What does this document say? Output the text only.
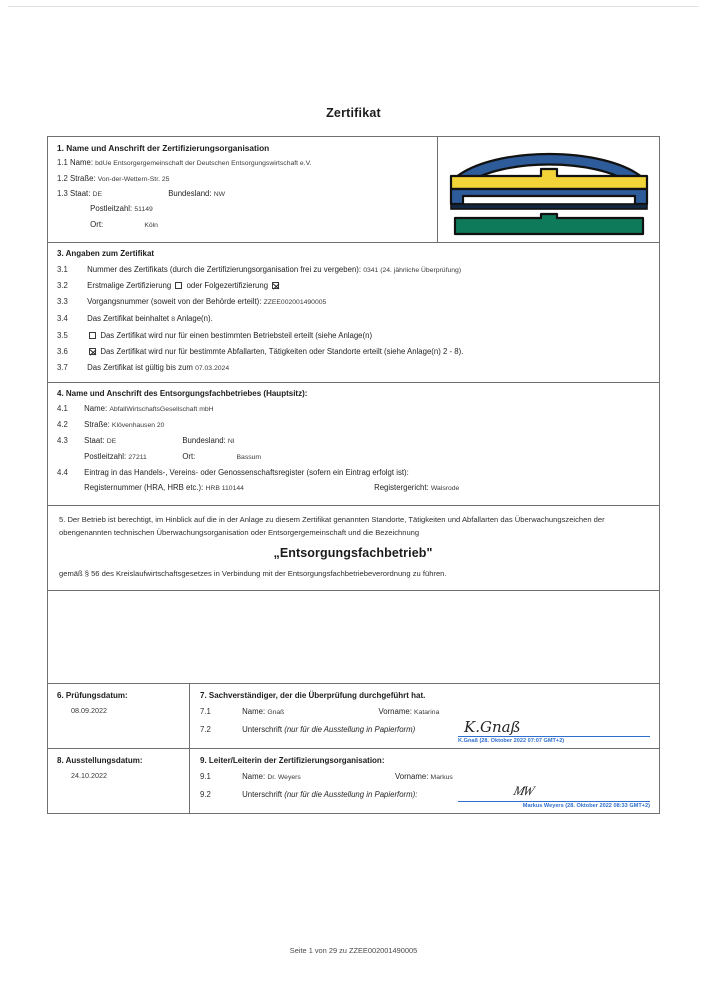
Zertifikat
1. Name und Anschrift der Zertifizierungsorganisation
1.1 Name: bdUe Entsorgergemeinschaft der Deutschen Entsorgungswirtschaft e.V.
1.2 Straße: Von-der-Wettern-Str. 25
1.3 Staat: DE	Bundesland: NW
Postleitzahl: 51149
Ort:	Köln
3. Angaben zum Zertifikat
3.1 Nummer des Zertifikats (durch die Zertifizierungsorganisation frei zu vergeben): 0341 (24. jährliche Überprüfung)
3.2 Erstmalige Zertifizierung oder Folgezertifizierung
3.3 Vorgangsnummer (soweit von der Behörde erteilt): ZZEE002001490005
3.4 Das Zertifikat beinhaltet 8 Anlage(n).
3.5	Das Zertifikat wird nur für einen bestimmten Betriebsteil erteilt (siehe Anlage(n)
3.6	Das Zertifikat wird nur für bestimmte Abfallarten, Tätigkeiten oder Standorte erteilt (siehe Anlage(n) 2 - 8).
3.7 Das Zertifikat ist gültig bis zum 07.03.2024
4. Name und Anschrift des Entsorgungsfachbetriebes (Hauptsitz):
4.1 Name: AbfallWirtschaftsGesellschaft mbH
4.2 Straße: Klövenhausen 20
4.3 Staat: DE	Bundesland: NI
Postleitzahl: 27211	Ort:	Bassum
4.4 Eintrag in das Handels-, Vereins- oder Genossenschaftsregister (sofern ein Eintrag erfolgt ist):
Registernummer (HRA, HRB etc.): HRB 110144	Registergericht: Walsrode

5. Der Betrieb ist berechtigt, im Hinblick auf die in der Anlage zu diesem Zertifikat genannten Standorte, Tätigkeiten und Abfallarten das Überwachungszeichen der obengenannten technischen Überwachungsorganisation oder Entsorgergemeinschaft und die Bezeichnung

„Entsorgungsfachbetrieb"

gemäß § 56 des Kreislaufwirtschaftsgesetzes in Verbindung mit der Entsorgungsfachbetriebeverordnung zu führen.

6. Prüfungsdatum:
08.09.2022
7. Sachverständiger, der die Überprüfung durchgeführt hat.
7.1	Name: Gnaß	Vorname: Katarina
7.2	Unterschrift (nur für die Ausstellung in Papierform)	K.Gnaß
K.Gnaß (28. Oktober 2022 07:07 GMT+2)
8. Ausstellungsdatum:
24.10.2022
9. Leiter/Leiterin der Zertifizierungsorganisation:
9.1	Name: Dr. Weyers	Vorname: Markus
9.2	Unterschrift (nur für die Ausstellung in Papierform):	MW
Markus Weyers (28. Oktober 2022 08:33 GMT+2)
Seite 1 von 29 zu ZZEE002001490005
